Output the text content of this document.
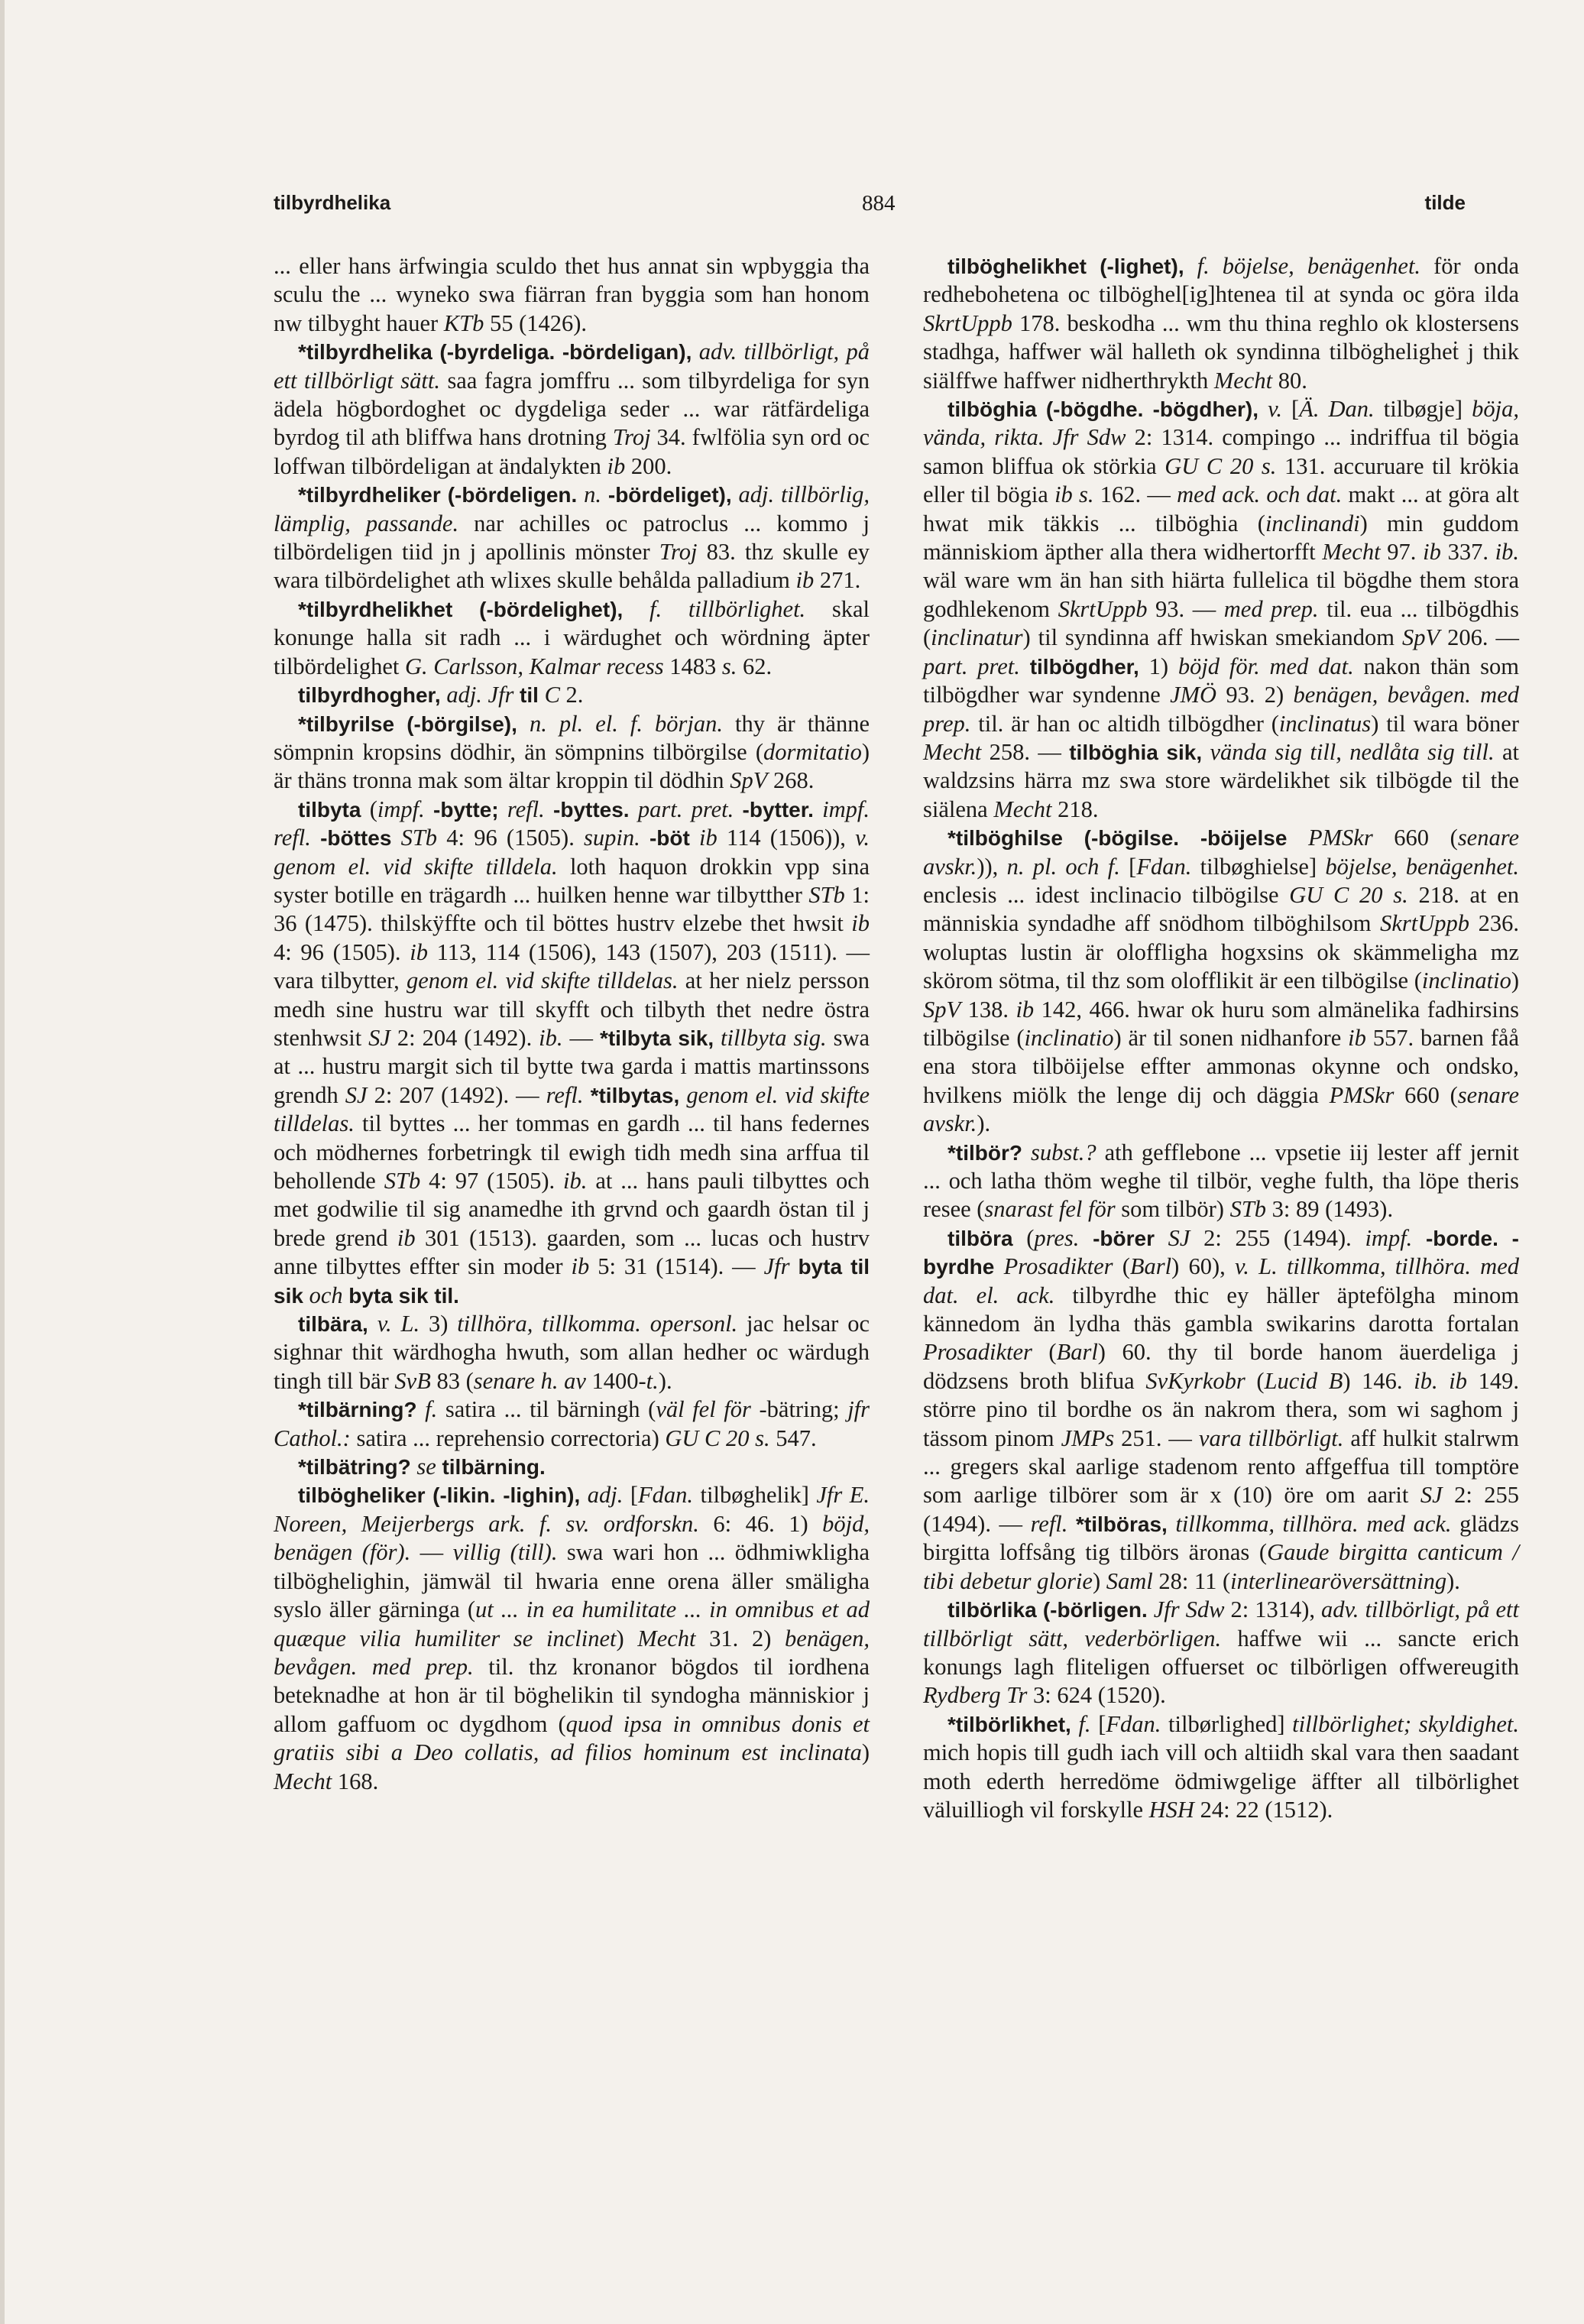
tilbyrdhelika	884	tilde

... eller hans ärfwingia sculdo thet hus annat sin wpbyggia tha sculu the ... wyneko swa fiärran fran byggia som han honom nw tilbyght hauer KTb 55 (1426).

*tilbyrdhelika (-byrdeliga. -bördeligan), adv. tillbörligt, på ett tillbörligt sätt. saa fagra jomffru ... som tilbyrdeliga for syn ädela högbordoghet oc dygdeliga seder ... war rätfärdeliga byrdog til ath bliffwa hans drotning Troj 34. fwlfölia syn ord oc loffwan tilbördeligan at ändalykten ib 200.

*tilbyrdheliker (-bördeligen. n. -bördeliget), adj. tillbörlig, lämplig, passande. nar achilles oc patroclus ... kommo j tilbördeligen tiid jn j apollinis mönster Troj 83. thz skulle ey wara tilbördelighet ath wlixes skulle behålda palladium ib 271.

*tilbyrdhelikhet (-bördelighet), f. tillbörlighet. skal konunge halla sit radh ... i wärdughet och wördning äpter tilbördelighet G. Carlsson, Kalmar recess 1483 s. 62.

tilbyrdhogher, adj. Jfr til C 2.

*tilbyrilse (-börgilse), n. pl. el. f. början. thy är thänne sömpnin kropsins dödhir, än sömpnins tilbörgilse (dormitatio) är thäns tronna mak som ältar kroppin til dödhin SpV 268.

tilbyta (impf. -bytte; refl. -byttes. part. pret. -bytter. impf. refl. -böttes STb 4: 96 (1505). supin. -böt ib 114 (1506)), v. genom el. vid skifte tilldela. loth haquon drokkin vpp sina syster botille en trägardh ... huilken henne war tilbytther STb 1: 36 (1475). thilskÿffte och til böttes hustrv elzebe thet hwsit ib 4: 96 (1505). ib 113, 114 (1506), 143 (1507), 203 (1511). — vara tilbytter, genom el. vid skifte tilldelas. at her nielz persson medh sine hustru war till skyfft och tilbyth thet nedre östra stenhwsit SJ 2: 204 (1492). ib. — *tilbyta sik, tillbyta sig. swa at ... hustru margit sich til bytte twa garda i mattis martinssons grendh SJ 2: 207 (1492). — refl. *tilbytas, genom el. vid skifte tilldelas. til byttes ... her tommas en gardh ... til hans federnes och mödhernes forbetringk til ewigh tidh medh sina arffua til behollende STb 4: 97 (1505). ib. at ... hans pauli tilbyttes och met godwilie til sig anamedhe ith grvnd och gaardh östan til j brede grend ib 301 (1513). gaarden, som ... lucas och hustrv anne tilbyttes effter sin moder ib 5: 31 (1514). — Jfr byta til sik och byta sik til.

tilbära, v. L. 3) tillhöra, tillkomma. opersonl. jac helsar oc sighnar thit wärdhogha hwuth, som allan hedher oc wärdugh tingh till bär SvB 83 (senare h. av 1400-t.).

*tilbärning? f. satira ... til bärningh (väl fel för -bätring; jfr Cathol.: satira ... reprehensio correctoria) GU C 20 s. 547.

*tilbätring? se tilbärning.

tilböghеliker (-likin. -lighin), adj. [Fdan. tilbøghelik] Jfr E. Noreen, Meijerbergs ark. f. sv. ordforskn. 6: 46. 1) böjd, benägen (för). — villig (till). swa wari hon ... ödhmiwkligha tilbögheliɡhin, jämwäl til hwaria enne orena äller smäligha syslo äller gärninga (ut ... in ea humilitate ... in omnibus et ad quæque vilia humiliter se inclinet) Mecht 31. 2) benägen, bevågen. med prep. til. thz kronanor bögdos til iordhena beteknadhe at hon är til böghelikin til syndogha människior j allom gaffuom oc dygdhom (quod ipsa in omnibus donis et gratiis sibi a Deo collatis, ad filios hominum est inclinata) Mecht 168.

tilböghelikhet (-lighet), f. böjelse, benägenhet. för onda redhebohetena oc tilböghel[ig]htenea til at synda oc göra ilda SkrtUppb 178. beskodha ... wm thu thina reghlo ok klostersens stadhga, haffwer wäl halleth ok syndinna tilbögheligheṫ j thik siälffwe haffwer nidherthrykth Mecht 80.

tilböghia (-bögdhe. -bögdher), v. [Ä. Dan. tilbøgje] böja, vända, rikta. Jfr Sdw 2: 1314. compingo ... indriffua til bögia samon bliffua ok störkia GU C 20 s. 131. accuruare til krökia eller til bögia ib s. 162. — med ack. och dat. makt ... at göra alt hwat mik täkkis ... tilböghia (inclinandi) min guddom människiom äpther alla thera widhertorfft Mecht 97. ib 337. ib. wäl ware wm än han sith hiärta fullelica til bögdhe them stora godhlekenom SkrtUppb 93. — med prep. til. eua ... tilbögdhis (inclinatur) til syndinna aff hwiskan smekiandom SpV 206. — part. pret. tilbögdher, 1) böjd för. med dat. nakon thän som tilbögdher war syndenne JMÖ 93. 2) benägen, bevågen. med prep. til. är han oc altidh tilbögdher (inclinatus) til wara böner Mecht 258. — tilböghia sik, vända sig till, nedlåta sig till. at waldzsins härra mz swa store wärdelikhet sik tilbögde til the siälena Mecht 218.

*tilböghilse (-bögilse. -böijelse PMSkr 660 (senare avskr.)), n. pl. och f. [Fdan. tilbøghielse] böjelse, benägenhet. enclesis ... idest inclinacio tilbögilse GU C 20 s. 218. at en människia syndadhe aff snödhom tilböghilsom SkrtUppb 236. woluptas lustin är oloffligha hogxsins ok skämmeligha mz skörom sötma, til thz som olofflikit är een tilbögilse (inclinatio) SpV 138. ib 142, 466. hwar ok huru som almänelika fadhirsins tilbögilse (inclinatio) är til sonen nidhanfore ib 557. barnen fåå ena stora tilböijelse effter ammonas okynne och ondsko, hvilkens miölk the lenge dij och däggia PMSkr 660 (senare avskr.).

*tilbör? subst.? ath gefflebone ... vpsetie iij lester aff jernit ... och latha thöm weghe til tilbör, veghe fulth, tha löpe theris resee (snarast fel för som tilbör) STb 3: 89 (1493).

tilböra (pres. -börer SJ 2: 255 (1494). impf. -borde. -byrdhe Prosadikter (Barl) 60), v. L. tillkomma, tillhöra. med dat. el. ack. tilbyrdhe thic ey häller äptefölgha minom kännedom än lydha thäs gambla swikarins darotta fortalan Prosadikter (Barl) 60. thy til borde hanom äuerdeliga j dödzsens broth blifua SvKyrkobr (Lucid B) 146. ib. ib 149. större pino til bordhe os än nakrom thera, som wi saghom j tässom pinom JMPs 251. — vara tillbörligt. aff hulkit stalrwm ... gregers skal aarlige stadenom rento affgeffua till tomptöre som aarlige tilbörer som är x (10) öre om aarit SJ 2: 255 (1494). — refl. *tilböras, tillkomma, tillhöra. med ack. glädzs birgitta loffsång tig tilbörs äronas (Gaude birgitta canticum / tibi debetur glorie) Saml 28: 11 (interlinearöversättning).

tilbörlika (-börligen. Jfr Sdw 2: 1314), adv. tillbörligt, på ett tillbörligt sätt, vederbörligen. haffwe wii ... sancte erich konungs lagh fliteligen offuerset oc tilbörligen offwereugith Rydberg Tr 3: 624 (1520).

*tilbörlikhet, f. [Fdan. tilbørlighed] tillbörlighet; skyldighet. mich hopis till gudh iach vill och altiidh skal vara then saadant moth ederth herredöme ödmiwgelige äffter all tilbörlighet väluilliogh vil forskylle HSH 24: 22 (1512).
